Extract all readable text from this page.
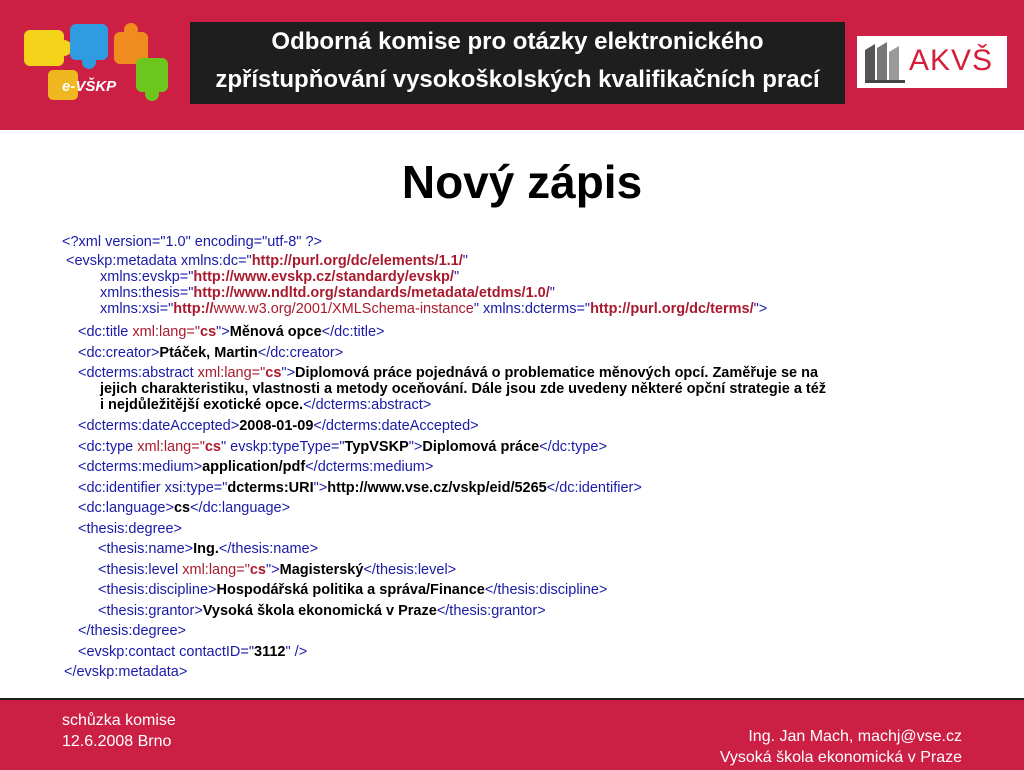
e-VŠKP
Odborná komise pro otázky elektronického
zpřístupňování vysokoškolských kvalifikačních prací
AKVŠ
Nový zápis
<?xml version="1.0" encoding="utf-8" ?>
<evskp:metadata xmlns:dc="http://purl.org/dc/elements/1.1/"
xmlns:evskp="http://www.evskp.cz/standardy/evskp/"
xmlns:thesis="http://www.ndltd.org/standards/metadata/etdms/1.0/"
xmlns:xsi="http://www.w3.org/2001/XMLSchema-instance" xmlns:dcterms="http://purl.org/dc/terms/">
<dc:title xml:lang="cs">Měnová opce</dc:title>
<dc:creator>Ptáček, Martin</dc:creator>
<dcterms:abstract xml:lang="cs">Diplomová práce pojednává o problematice měnových opcí. Zaměřuje se na
jejich charakteristiku, vlastnosti a metody oceňování. Dále jsou zde uvedeny některé opční strategie a též
i nejdůležitější exotické opce.</dcterms:abstract>
<dcterms:dateAccepted>2008-01-09</dcterms:dateAccepted>
<dc:type xml:lang="cs" evskp:typeType="TypVSKP">Diplomová práce</dc:type>
<dcterms:medium>application/pdf</dcterms:medium>
<dc:identifier xsi:type="dcterms:URI">http://www.vse.cz/vskp/eid/5265</dc:identifier>
<dc:language>cs</dc:language>
<thesis:degree>
<thesis:name>Ing.</thesis:name>
<thesis:level xml:lang="cs">Magisterský</thesis:level>
<thesis:discipline>Hospodářská politika a správa/Finance</thesis:discipline>
<thesis:grantor>Vysoká škola ekonomická v Praze</thesis:grantor>
</thesis:degree>
<evskp:contact contactID="3112" />
</evskp:metadata>
schůzka komise
12.6.2008 Brno	Ing. Jan Mach, machj@vse.cz
Vysoká škola ekonomická v Praze
